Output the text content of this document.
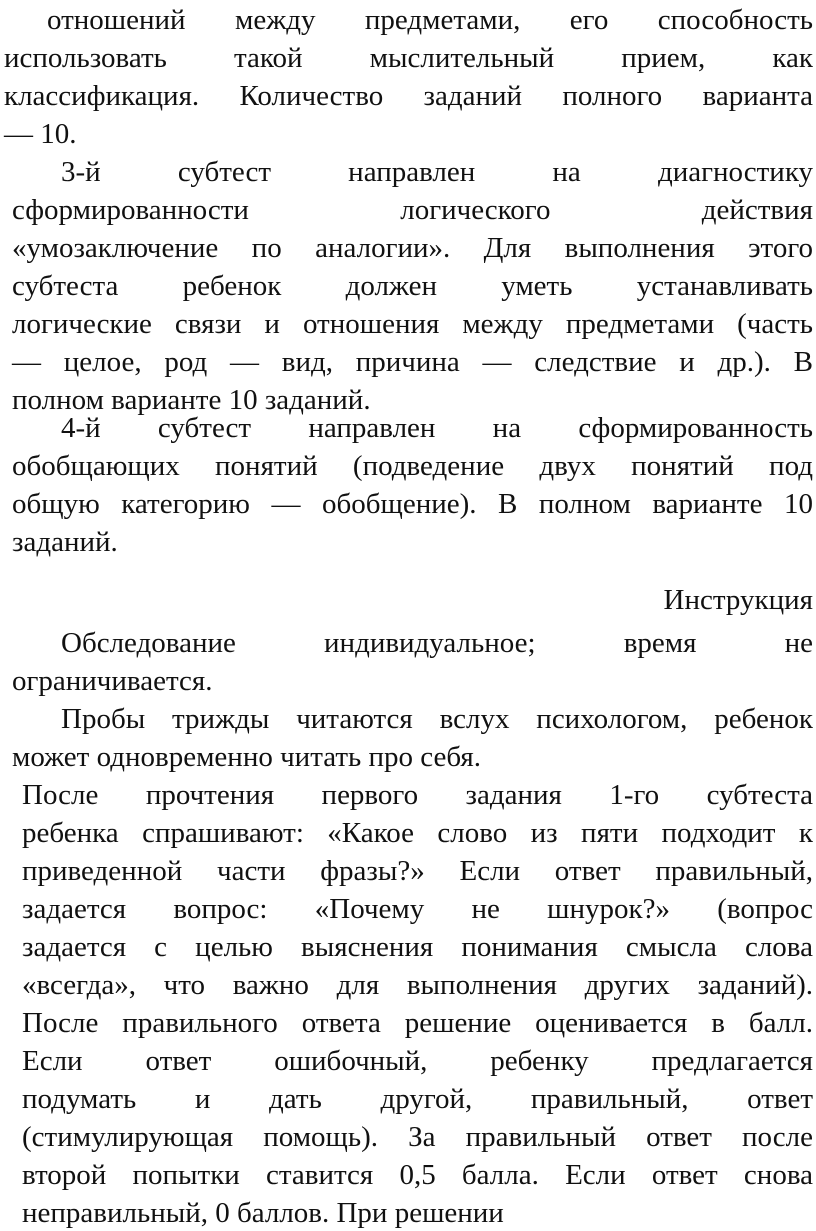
отношений между предметами, его способность
использовать такой мыслительный прием, как
классификация. Количество заданий полного варианта
— 10.
3-й субтест направлен на диагностику
сформированности логического действия
«умозаключение по аналогии». Для выполнения этого
субтеста ребенок должен уметь устанавливать
логические связи и отношения между предметами (часть
— целое, род — вид, причина — следствие и др.). В
полном варианте 10 заданий.
4-й субтест направлен на сформированность
обобщающих понятий (подведение двух понятий под
общую категорию — обобщение). В полном варианте 10
заданий.
Инструкция
Обследование индивидуальное; время не
ограничивается.
Пробы трижды читаются вслух психологом, ребенок
может одновременно читать про себя.
После прочтения первого задания 1-го субтеста
ребенка спрашивают: «Какое слово из пяти подходит к
приведенной части фразы?» Если ответ правильный,
задается вопрос: «Почему не шнурок?» (вопрос
задается с целью выяснения понимания смысла слова
«всегда», что важно для выполнения других заданий).
После правильного ответа решение оценивается в балл.
Если ответ ошибочный, ребенку предлагается
подумать и дать другой, правильный, ответ
(стимулирующая помощь). За правильный ответ после
второй попытки ставится 0,5 балла. Если ответ снова
неправильный, 0 баллов. При решении
